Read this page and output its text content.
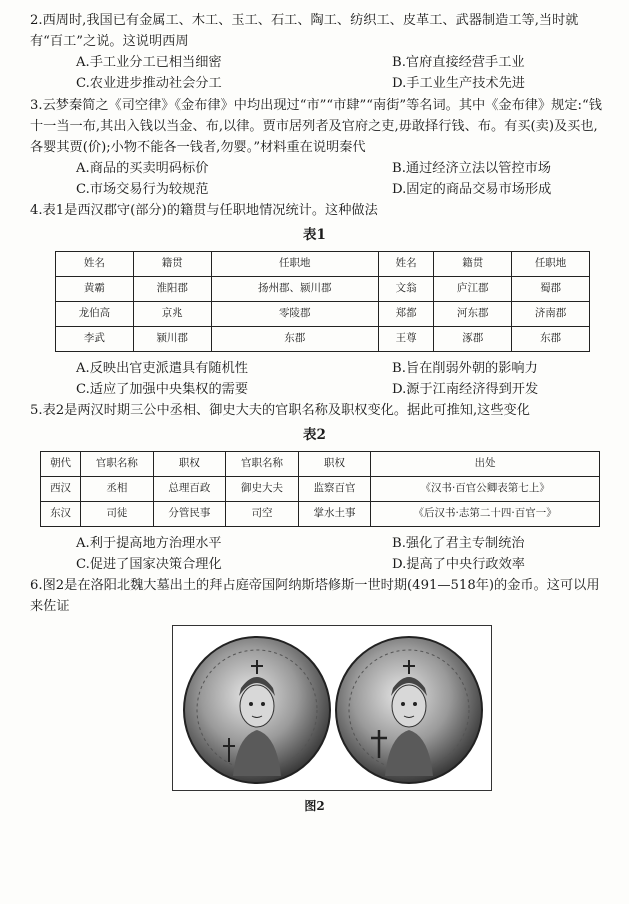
2.西周时,我国已有金属工、木工、玉工、石工、陶工、纺织工、皮革工、武器制造工等,当时就有“百工”之说。这说明西周

A.手工业分工已相当细密	B.官府直接经营手工业
C.农业进步推动社会分工	D.手工业生产技术先进

3.云梦秦简之《司空律》《金布律》中均出现过“市”“市肆”“南街”等名词。其中《金布律》规定:“钱十一当一布,其出入钱以当金、布,以律。贾市居列者及官府之吏,毋敢择行钱、布。有买(卖)及买也,各婴其贾(价);小物不能各一钱者,勿婴。”材料重在说明秦代

A.商品的买卖明码标价	B.通过经济立法以管控市场
C.市场交易行为较规范	D.固定的商品交易市场形成

4.表1是西汉郡守(部分)的籍贯与任职地情况统计。这种做法

表1
姓名	籍贯	任职地	姓名	籍贯	任职地
黄霸	淮阳郡	扬州郡、颍川郡	文翁	庐江郡	蜀郡
龙伯高	京兆	零陵郡	郑都	河东郡	济南郡
李武	颍川郡	东郡	王尊	涿郡	东郡
A.反映出官吏派遣具有随机性	B.旨在削弱外朝的影响力
C.适应了加强中央集权的需要	D.源于江南经济得到开发

5.表2是两汉时期三公中丞相、御史大夫的官职名称及职权变化。据此可推知,这些变化

表2
朝代	官职名称	职权	官职名称	职权	出处
西汉	丞相	总理百政	御史大夫	监察百官	《汉书·百官公卿表第七上》
东汉	司徒	分管民事	司空	掌水土事	《后汉书·志第二十四·百官一》
A.利于提高地方治理水平	B.强化了君主专制统治
C.促进了国家决策合理化	D.提高了中央行政效率

6.图2是在洛阳北魏大墓出土的拜占庭帝国阿纳斯塔修斯一世时期(491—518年)的金币。这可以用来佐证

图2
